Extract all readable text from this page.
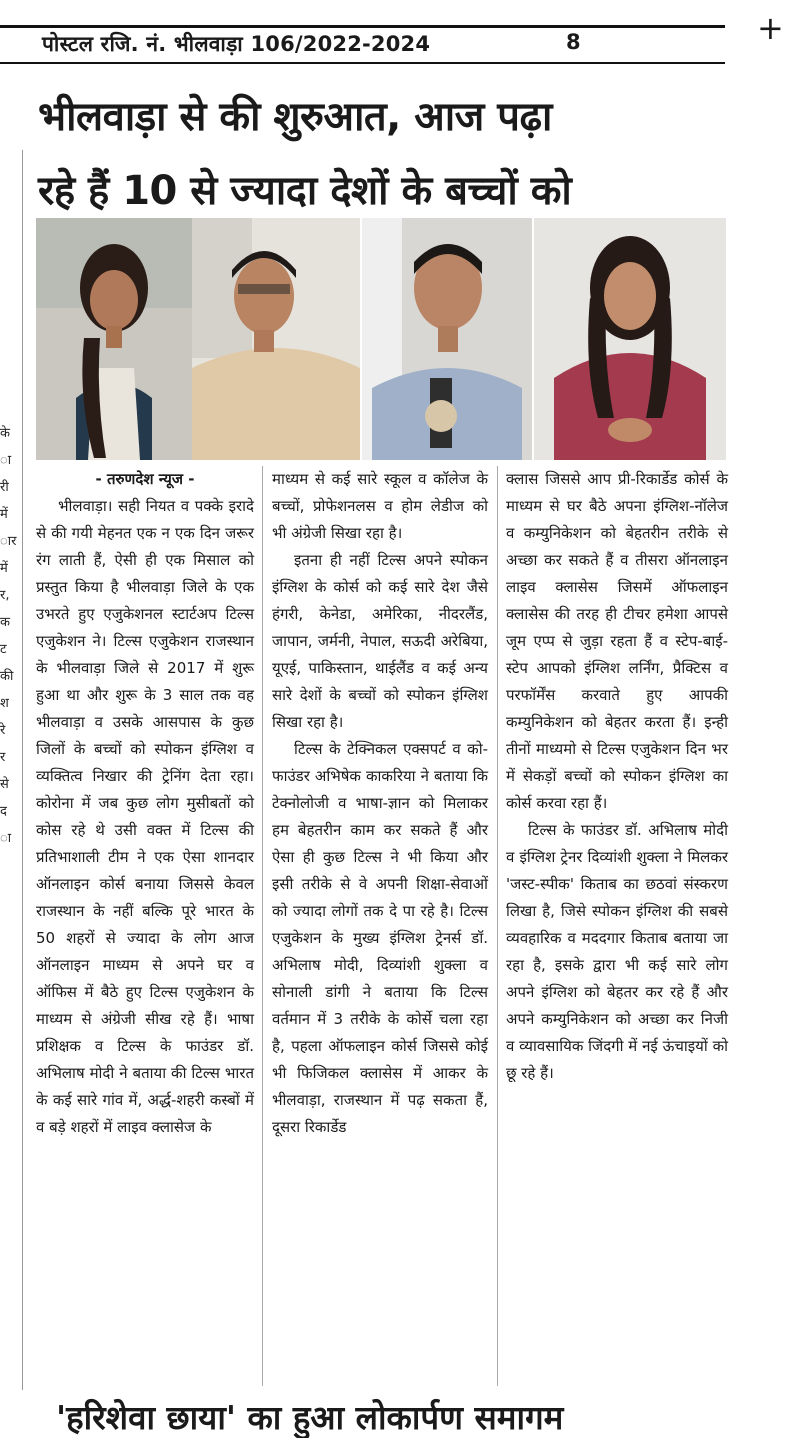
पोस्टल रजि. नं. भीलवाड़ा 106/2022-2024	8	+
भीलवाड़ा से की शुरुआत, आज पढ़ा
रहे हैं 10 से ज्यादा देशों के बच्चों को
के
ा
री
में
ार
में
र,
क
ट
की
श
रे
र
से
द
ा

- तरुणदेश न्यूज -

भीलवाड़ा। सही नियत व पक्के इरादे से की गयी मेहनत एक न एक दिन जरूर रंग लाती हैं, ऐसी ही एक मिसाल को प्रस्तुत किया है भीलवाड़ा जिले के एक उभरते हुए एजुकेशनल स्टार्टअप टिल्स एजुकेशन ने। टिल्स एजुकेशन राजस्थान के भीलवाड़ा जिले से 2017 में शुरू हुआ था और शुरू के 3 साल तक वह भीलवाड़ा व उसके आसपास के कुछ जिलों के बच्चों को स्पोकन इंग्लिश व व्यक्तित्व निखार की ट्रेनिंग देता रहा। कोरोना में जब कुछ लोग मुसीबतों को कोस रहे थे उसी वक्त में टिल्स की प्रतिभाशाली टीम ने एक ऐसा शानदार ऑनलाइन कोर्स बनाया जिससे केवल राजस्थान के नहीं बल्कि पूरे भारत के 50 शहरों से ज्यादा के लोग आज ऑनलाइन माध्यम से अपने घर व ऑफिस में बैठे हुए टिल्स एजुकेशन के माध्यम से अंग्रेजी सीख रहे हैं। भाषा प्रशिक्षक व टिल्स के फाउंडर डॉ. अभिलाष मोदी ने बताया की टिल्स भारत के कई सारे गांव में, अर्द्ध-शहरी कस्बों में व बड़े शहरों में लाइव क्लासेज के

माध्यम से कई सारे स्कूल व कॉलेज के बच्चों, प्रोफेशनलस व होम लेडीज को भी अंग्रेजी सिखा रहा है।

इतना ही नहीं टिल्स अपने स्पोकन इंग्लिश के कोर्स को कई सारे देश जैसे हंगरी, केनेडा, अमेरिका, नीदरलैंड, जापान, जर्मनी, नेपाल, सऊदी अरेबिया, यूएई, पाकिस्तान, थाईलैंड व कई अन्य सारे देशों के बच्चों को स्पोकन इंग्लिश सिखा रहा है।

टिल्स के टेक्निकल एक्सपर्ट व को-फाउंडर अभिषेक काकरिया ने बताया कि टेक्नोलोजी व भाषा-ज्ञान को मिलाकर हम बेहतरीन काम कर सकते हैं और ऐसा ही कुछ टिल्स ने भी किया और इसी तरीके से वे अपनी शिक्षा-सेवाओं को ज्यादा लोगों तक दे पा रहे है। टिल्स एजुकेशन के मुख्य इंग्लिश ट्रेनर्स डॉ. अभिलाष मोदी, दिव्यांशी शुक्ला व सोनाली डांगी ने बताया कि टिल्स वर्तमान में 3 तरीके के कोर्से चला रहा है, पहला ऑफलाइन कोर्स जिससे कोई भी फिजिकल क्लासेस में आकर के भीलवाड़ा, राजस्थान में पढ़ सकता हैं, दूसरा रिकार्डेड

क्लास जिससे आप प्री-रिकार्डेड कोर्स के माध्यम से घर बैठे अपना इंग्लिश-नॉलेज व कम्युनिकेशन को बेहतरीन तरीके से अच्छा कर सकते हैं व तीसरा ऑनलाइन लाइव क्लासेस जिसमें ऑफलाइन क्लासेस की तरह ही टीचर हमेशा आपसे जूम एप्प से जुड़ा रहता हैं व स्टेप-बाई-स्टेप आपको इंग्लिश लर्निंग, प्रैक्टिस व परफॉर्मेंस करवाते हुए आपकी कम्युनिकेशन को बेहतर करता हैं। इन्ही तीनों माध्यमो से टिल्स एजुकेशन दिन भर में सेकड़ों बच्चों को स्पोकन इंग्लिश का कोर्स करवा रहा हैं।

टिल्स के फाउंडर डॉ. अभिलाष मोदी व इंग्लिश ट्रेनर दिव्यांशी शुक्ला ने मिलकर 'जस्ट-स्पीक' किताब का छठवां संस्करण लिखा है, जिसे स्पोकन इंग्लिश की सबसे व्यवहारिक व मददगार किताब बताया जा रहा है, इसके द्वारा भी कई सारे लोग अपने इंग्लिश को बेहतर कर रहे हैं और अपने कम्युनिकेशन को अच्छा कर निजी व व्यावसायिक जिंदगी में नई ऊंचाइयों को छू रहे हैं।

'हरिशेवा छाया' का हुआ लोकार्पण समागम
